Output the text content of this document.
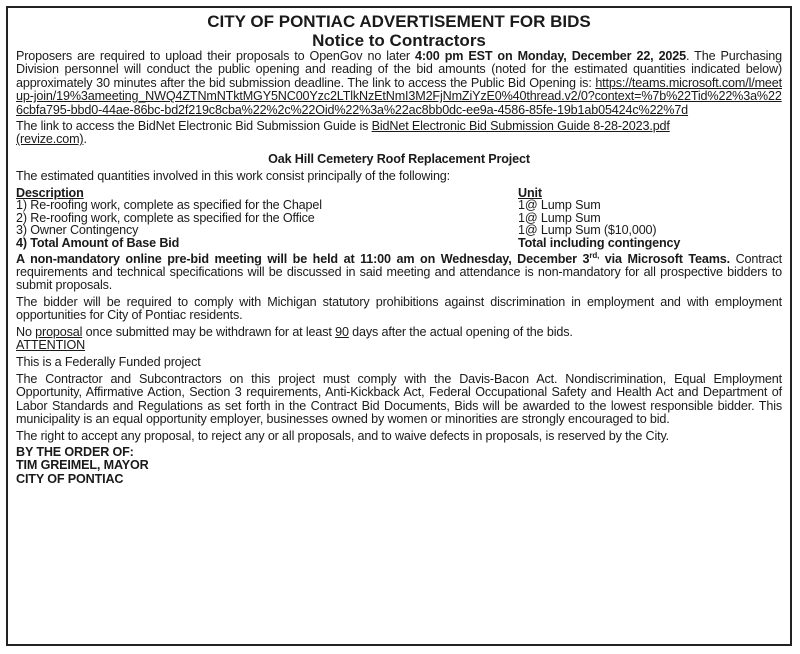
CITY OF PONTIAC ADVERTISEMENT FOR BIDS
Notice to Contractors

Proposers are required to upload their proposals to OpenGov no later 4:00 pm EST on Monday, December 22, 2025. The Purchasing Division personnel will conduct the public opening and reading of the bid amounts (noted for the estimated quantities indicated below) approximately 30 minutes after the bid submission deadline. The link to access the Public Bid Opening is: https://teams.microsoft.com/l/meetup-join/19%3ameeting_NWQ4ZTNmNTktMGY5NC00Yzc2LTlkNzEtNmI3M2FjNmZiYzE0%40thread.v2/0?context=%7b%22Tid%22%3a%226cbfa795-bbd0-44ae-86bc-bd2f219c8cba%22%2c%22Oid%22%3a%22ac8bb0dc-ee9a-4586-85fe-19b1ab05424c%22%7d

The link to access the BidNet Electronic Bid Submission Guide is BidNet Electronic Bid Submission Guide 8-28-2023.pdf
(revize.com).

Oak Hill Cemetery Roof Replacement Project

The estimated quantities involved in this work consist principally of the following:

Description	Unit
1) Re-roofing work, complete as specified for the Chapel	1@ Lump Sum
2) Re-roofing work, complete as specified for the Office	1@ Lump Sum
3) Owner Contingency	1@ Lump Sum ($10,000)
4) Total Amount of Base Bid	Total including contingency

A non-mandatory online pre-bid meeting will be held at 11:00 am on Wednesday, December $3^{rd,}$ via Microsoft Teams. Contract requirements and technical specifications will be discussed in said meeting and attendance is non-mandatory for all prospective bidders to submit proposals.

The bidder will be required to comply with Michigan statutory prohibitions against discrimination in employment and with employment opportunities for City of Pontiac residents.

No proposal once submitted may be withdrawn for at least 90 days after the actual opening of the bids.

ATTENTION

This is a Federally Funded project

The Contractor and Subcontractors on this project must comply with the Davis-Bacon Act. Nondiscrimination, Equal Employment Opportunity, Affirmative Action, Section 3 requirements, Anti-Kickback Act, Federal Occupational Safety and Health Act and Department of Labor Standards and Regulations as set forth in the Contract Bid Documents, Bids will be awarded to the lowest responsible bidder. This municipality is an equal opportunity employer, businesses owned by women or minorities are strongly encouraged to bid.

The right to accept any proposal, to reject any or all proposals, and to waive defects in proposals, is reserved by the City.

BY THE ORDER OF:
TIM GREIMEL, MAYOR
CITY OF PONTIAC
